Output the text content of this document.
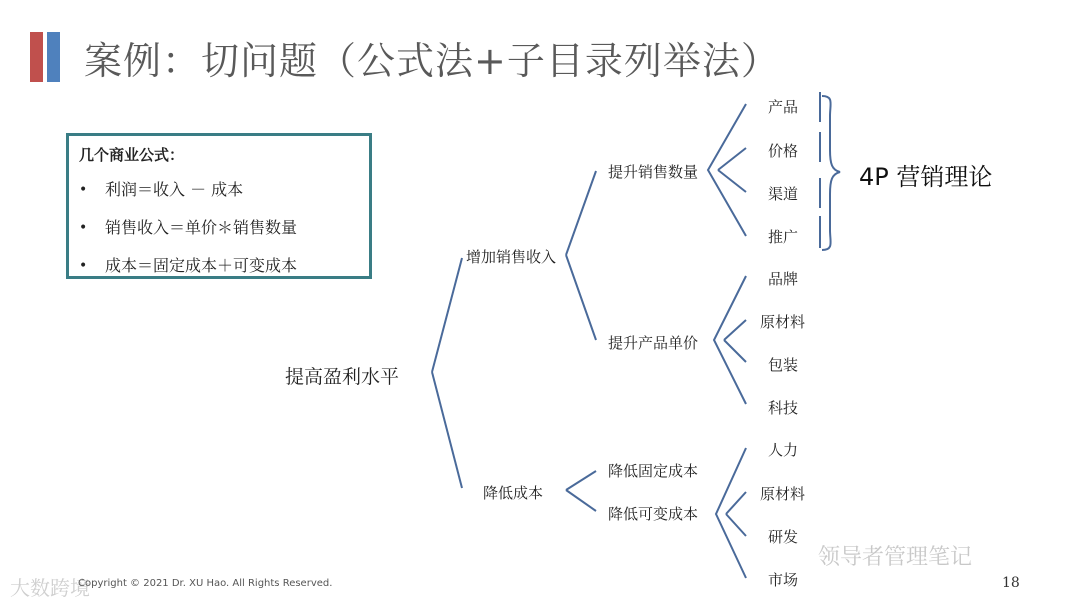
案例：切问题（公式法+子目录列举法）
几个商业公式：
•	利润＝收入 － 成本
•	销售收入＝单价＊销售数量
•	成本＝固定成本＋可变成本
提高盈利水平
增加销售收入
降低成本
提升销售数量
提升产品单价
降低固定成本
降低可变成本
产品
价格
渠道
推广
品牌
原材料
包装
科技
人力
原材料
研发
市场
4P 营销理论
大数跨境
Copyright © 2021 Dr. XU Hao. All Rights Reserved.
领导者管理笔记
18
